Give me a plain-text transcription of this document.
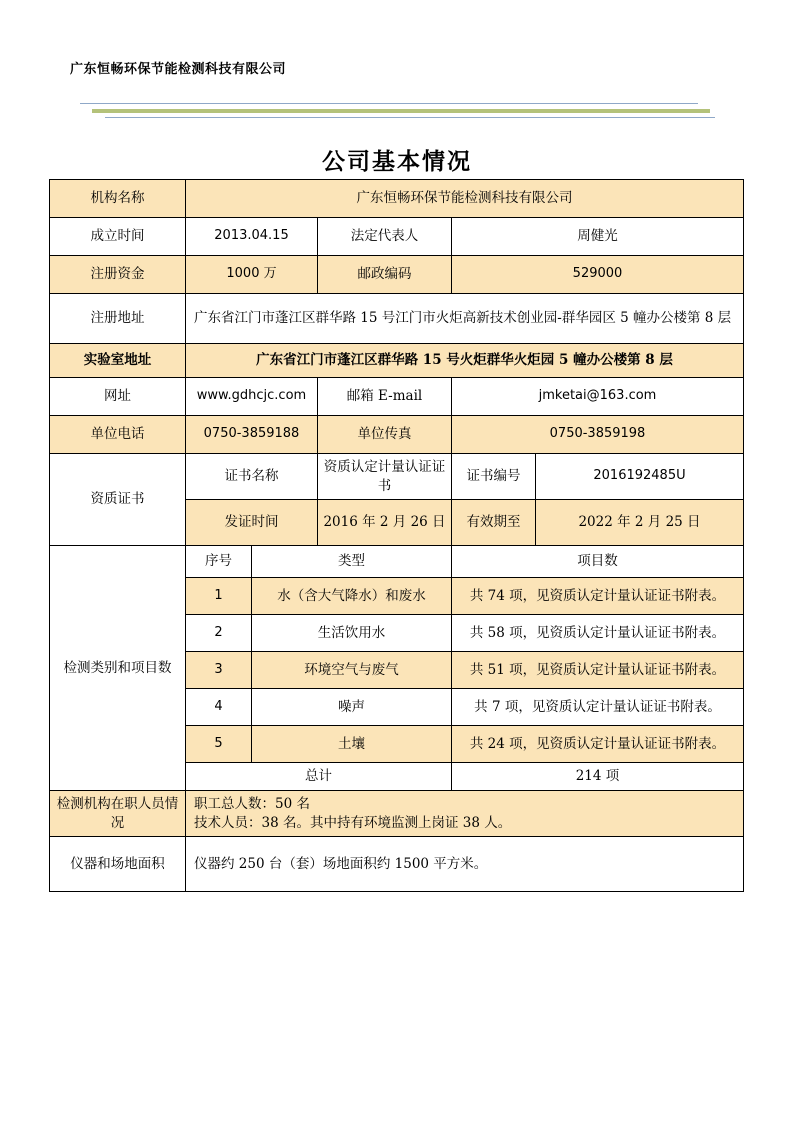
广东恒畅环保节能检测科技有限公司
公司基本情况
机构名称	广东恒畅环保节能检测科技有限公司				
成立时间	2013.04.15		法定代表人	周健光	
注册资金	1000 万		邮政编码	529000	
注册地址	广东省江门市蓬江区群华路 15 号江门市火炬高新技术创业园-群华园区 5 幢办公楼第 8 层				
实验室地址	广东省江门市蓬江区群华路 15 号火炬群华火炬园 5 幢办公楼第 8 层				
网址	www.gdhcjc.com		邮箱 E-mail	jmketai@163.com	
单位电话	0750-3859188		单位传真	0750-3859198	
资质证书	证书名称		资质认定计量认证证书	证书编号	2016192485U
	发证时间		2016 年 2 月 26 日	有效期至	2022 年 2 月 25 日
检测类别和项目数	序号	类型		项目数	
	1	水（含大气降水）和废水		共 74 项，见资质认定计量认证证书附表。	
	2	生活饮用水		共 58 项，见资质认定计量认证证书附表。	
	3	环境空气与废气		共 51 项，见资质认定计量认证证书附表。	
	4	噪声		共 7 项，见资质认定计量认证证书附表。	
	5	土壤		共 24 项，见资质认定计量认证证书附表。	
	总计			214 项	
检测机构在职人员情况	职工总人数：50 名
技术人员：38 名。其中持有环境监测上岗证 38 人。				

仪器和场地面积	仪器约 250 台（套）场地面积约 1500 平方米。				
